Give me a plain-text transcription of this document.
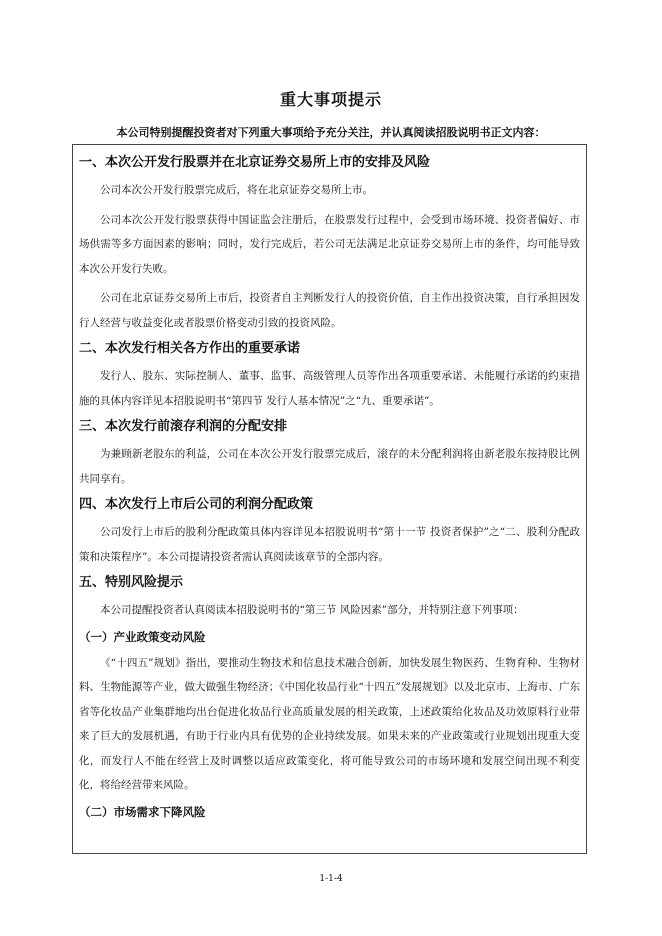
重大事项提示
本公司特别提醒投资者对下列重大事项给予充分关注，并认真阅读招股说明书正文内容：
一、本次公开发行股票并在北京证券交易所上市的安排及风险

公司本次公开发行股票完成后，将在北京证券交易所上市。

公司本次公开发行股票获得中国证监会注册后，在股票发行过程中，会受到市场环境、投资者偏好、市场供需等多方面因素的影响；同时，发行完成后，若公司无法满足北京证券交易所上市的条件，均可能导致本次公开发行失败。

公司在北京证券交易所上市后，投资者自主判断发行人的投资价值，自主作出投资决策，自行承担因发行人经营与收益变化或者股票价格变动引致的投资风险。

二、本次发行相关各方作出的重要承诺

发行人、股东、实际控制人、董事、监事、高级管理人员等作出各项重要承诺、未能履行承诺的约束措施的具体内容详见本招股说明书“第四节 发行人基本情况”之“九、重要承诺”。

三、本次发行前滚存利润的分配安排

为兼顾新老股东的利益，公司在本次公开发行股票完成后，滚存的未分配利润将由新老股东按持股比例共同享有。

四、本次发行上市后公司的利润分配政策

公司发行上市后的股利分配政策具体内容详见本招股说明书“第十一节 投资者保护”之“二、股利分配政策和决策程序”。本公司提请投资者需认真阅读该章节的全部内容。

五、特别风险提示

本公司提醒投资者认真阅读本招股说明书的“第三节 风险因素”部分，并特别注意下列事项：

（一）产业政策变动风险

《“十四五”规划》指出，要推动生物技术和信息技术融合创新，加快发展生物医药、生物育种、生物材料、生物能源等产业，做大做强生物经济；《中国化妆品行业“十四五”发展规划》以及北京市、上海市、广东省等化妆品产业集群地均出台促进化妆品行业高质量发展的相关政策，上述政策给化妆品及功效原料行业带来了巨大的发展机遇，有助于行业内具有优势的企业持续发展。如果未来的产业政策或行业规划出现重大变化，而发行人不能在经营上及时调整以适应政策变化，将可能导致公司的市场环境和发展空间出现不利变化，将给经营带来风险。

（二）市场需求下降风险
1-1-4
